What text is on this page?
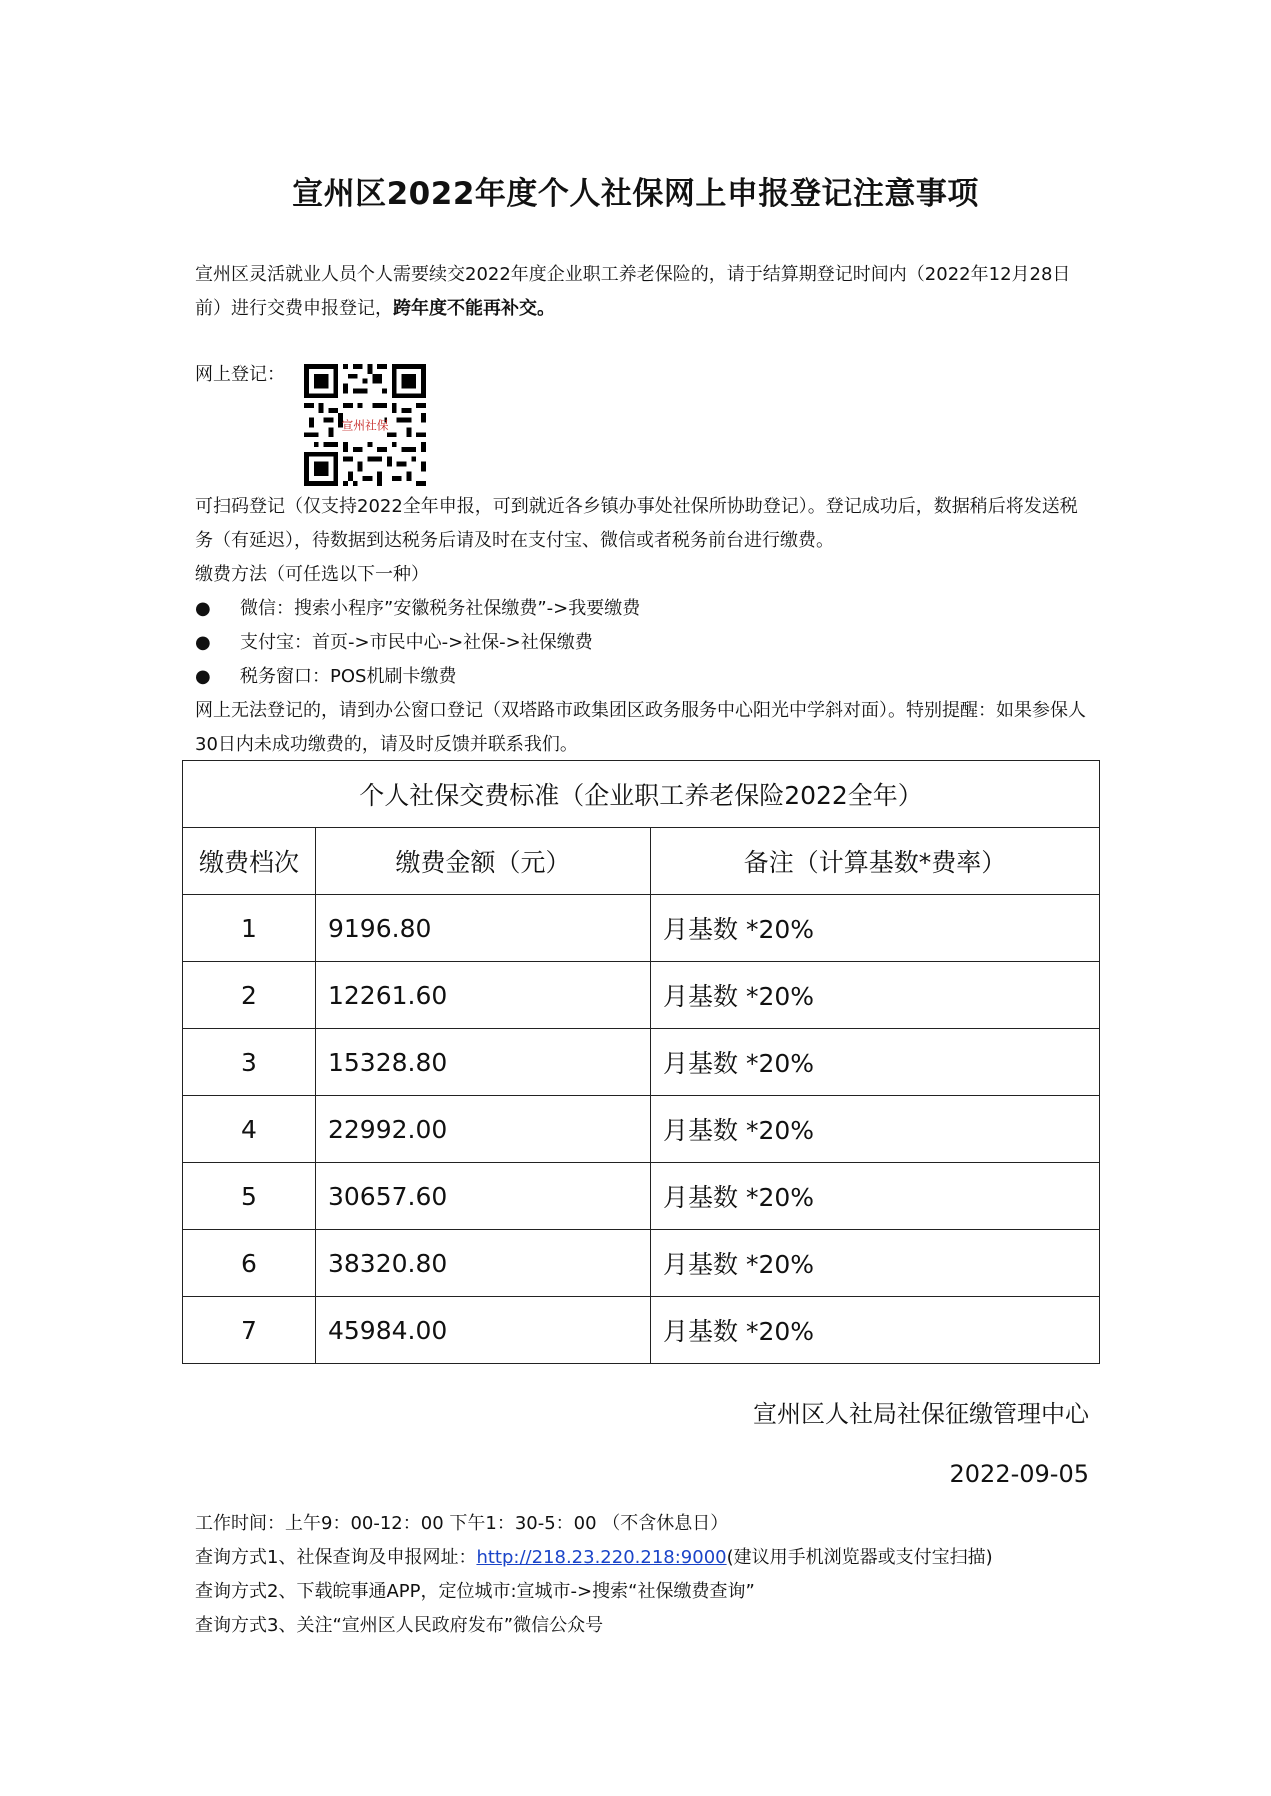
宣州区2022年度个人社保网上申报登记注意事项
宣州区灵活就业人员个人需要续交2022年度企业职工养老保险的，请于结算期登记时间内（2022年12月28日前）进行交费申报登记，跨年度不能再补交。
网上登记：
宣州社保
可扫码登记（仅支持2022全年申报，可到就近各乡镇办事处社保所协助登记）。登记成功后，数据稍后将发送税务（有延迟），待数据到达税务后请及时在支付宝、微信或者税务前台进行缴费。
缴费方法（可任选以下一种）
● 微信：搜索小程序”安徽税务社保缴费”->我要缴费
● 支付宝：首页->市民中心->社保->社保缴费
● 税务窗口：POS机刷卡缴费
网上无法登记的，请到办公窗口登记（双塔路市政集团区政务服务中心阳光中学斜对面）。特别提醒：如果参保人30日内未成功缴费的，请及时反馈并联系我们。
个人社保交费标准（企业职工养老保险2022全年）		
缴费档次	缴费金额（元）	备注（计算基数*费率）
1	9196.80	月基数 *20%
2	12261.60	月基数 *20%
3	15328.80	月基数 *20%
4	22992.00	月基数 *20%
5	30657.60	月基数 *20%
6	38320.80	月基数 *20%
7	45984.00	月基数 *20%
宣州区人社局社保征缴管理中心
2022-09-05
工作时间：上午9：00-12：00 下午1：30-5：00 （不含休息日）
查询方式1、社保查询及申报网址：http://218.23.220.218:9000(建议用手机浏览器或支付宝扫描)
查询方式2、下载皖事通APP，定位城市:宣城市->搜索“社保缴费查询”
查询方式3、关注“宣州区人民政府发布”微信公众号
